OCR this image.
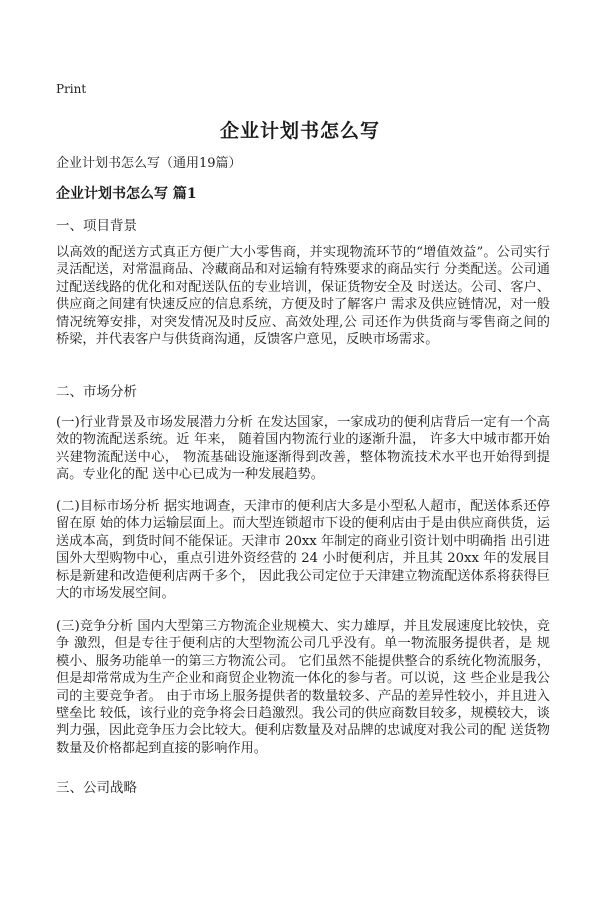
Print
企业计划书怎么写
企业计划书怎么写（通用19篇）
企业计划书怎么写 篇1
一、项目背景
以高效的配送方式真正方便广大小零售商，并实现物流环节的“增值效益”。公司实行灵活配送，对常温商品、冷藏商品和对运输有特殊要求的商品实行 分类配送。公司通过配送线路的优化和对配送队伍的专业培训，保证货物安全及 时送达。公司、客户、供应商之间建有快速反应的信息系统，方便及时了解客户 需求及供应链情况，对一般情况统筹安排，对突发情况及时反应、高效处理,公 司还作为供货商与零售商之间的桥梁，并代表客户与供货商沟通，反馈客户意见，反映市场需求。
二、市场分析
(一)行业背景及市场发展潜力分析 在发达国家，一家成功的便利店背后一定有一个高效的物流配送系统。近 年来， 随着国内物流行业的逐渐升温， 许多大中城市都开始兴建物流配送中心， 物流基础设施逐渐得到改善，整体物流技术水平也开始得到提高。专业化的配 送中心已成为一种发展趋势。
(二)目标市场分析 据实地调查，天津市的便利店大多是小型私人超市，配送体系还停留在原 始的体力运输层面上。而大型连锁超市下设的便利店由于是由供应商供货，运 送成本高，到货时间不能保证。天津市 20xx 年制定的商业引资计划中明确指 出引进国外大型购物中心，重点引进外资经营的 24 小时便利店，并且其 20xx 年的发展目标是新建和改造便利店两千多个， 因此我公司定位于天津建立物流配送体系将获得巨大的市场发展空间。
(三)竞争分析 国内大型第三方物流企业规模大、实力雄厚，并且发展速度比较快，竞争 激烈，但是专往于便利店的大型物流公司几乎没有。单一物流服务提供者，是 规模小、服务功能单一的第三方物流公司。 它们虽然不能提供整合的系统化物流服务，但是却常常成为生产企业和商贸企业物流一体化的参与者。可以说，这 些企业是我公司的主要竞争者。 由于市场上服务提供者的数量较多、产品的差异性较小，并且进入壁垒比 较低，该行业的竞争将会日趋激烈。我公司的供应商数目较多，规模较大，谈 判力强，因此竞争压力会比较大。便利店数量及对品牌的忠诚度对我公司的配 送货物数量及价格都起到直接的影响作用。
三、公司战略
